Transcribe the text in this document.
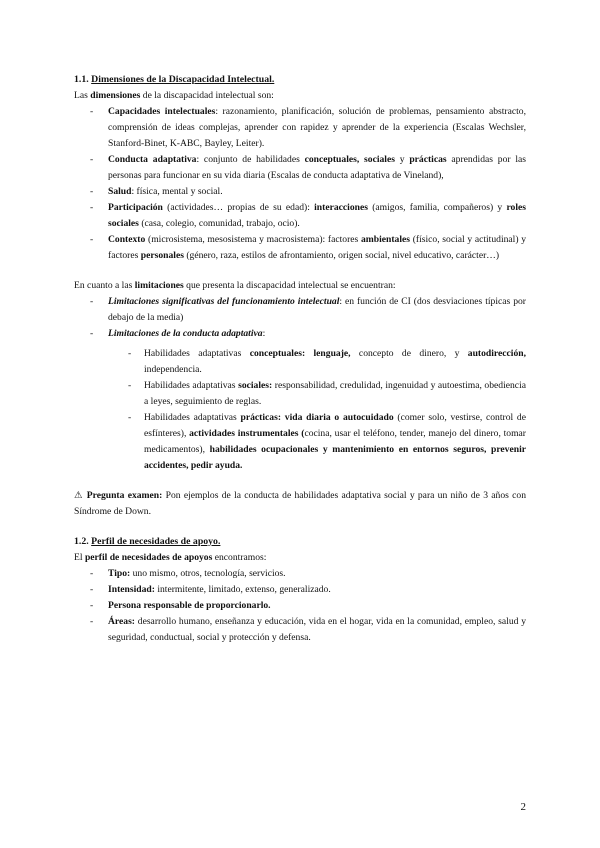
1.1. Dimensiones de la Discapacidad Intelectual.

Las dimensiones de la discapacidad intelectual son:

- Capacidades intelectuales: razonamiento, planificación, solución de problemas, pensamiento abstracto, comprensión de ideas complejas, aprender con rapidez y aprender de la experiencia (Escalas Wechsler, Stanford-Binet, K-ABC, Bayley, Leiter).
- Conducta adaptativa: conjunto de habilidades conceptuales, sociales y prácticas aprendidas por las personas para funcionar en su vida diaria (Escalas de conducta adaptativa de Vineland),
- Salud: física, mental y social.
- Participación (actividades… propias de su edad): interacciones (amigos, familia, compañeros) y roles sociales (casa, colegio, comunidad, trabajo, ocio).
- Contexto (microsistema, mesosistema y macrosistema): factores ambientales (físico, social y actitudinal) y factores personales (género, raza, estilos de afrontamiento, origen social, nivel educativo, carácter…)

En cuanto a las limitaciones que presenta la discapacidad intelectual se encuentran:

- Limitaciones significativas del funcionamiento intelectual: en función de CI (dos desviaciones típicas por debajo de la media)
- Limitaciones de la conducta adaptativa:
- Habilidades adaptativas conceptuales: lenguaje, concepto de dinero, y autodirección, independencia.
- Habilidades adaptativas sociales: responsabilidad, credulidad, ingenuidad y autoestima, obediencia a leyes, seguimiento de reglas.
- Habilidades adaptativas prácticas: vida diaria o autocuidado (comer solo, vestirse, control de esfínteres), actividades instrumentales (cocina, usar el teléfono, tender, manejo del dinero, tomar medicamentos), habilidades ocupacionales y mantenimiento en entornos seguros, prevenir accidentes, pedir ayuda.

⚠ Pregunta examen: Pon ejemplos de la conducta de habilidades adaptativa social y para un niño de 3 años con Síndrome de Down.

1.2. Perfil de necesidades de apoyo.

El perfil de necesidades de apoyos encontramos:

- Tipo: uno mismo, otros, tecnología, servicios.
- Intensidad: intermitente, limitado, extenso, generalizado.
- Persona responsable de proporcionarlo.
- Áreas: desarrollo humano, enseñanza y educación, vida en el hogar, vida en la comunidad, empleo, salud y seguridad, conductual, social y protección y defensa.
2
